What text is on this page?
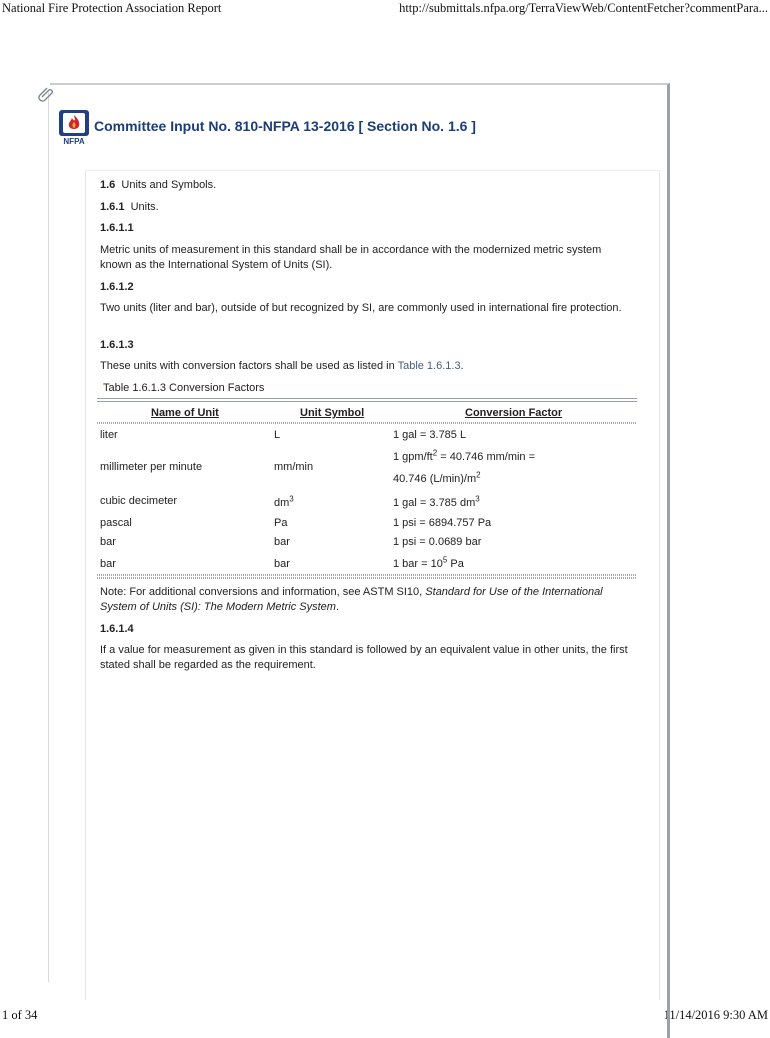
National Fire Protection Association Report	http://submittals.nfpa.org/TerraViewWeb/ContentFetcher?commentPara...
1 of 34	11/14/2016 9:30 AM
NFPA
Committee Input No. 810-NFPA 13-2016 [ Section No. 1.6 ]
1.6 Units and Symbols.
1.6.1 Units.
1.6.1.1
Metric units of measurement in this standard shall be in accordance with the modernized metric system known as the International System of Units (SI).
1.6.1.2
Two units (liter and bar), outside of but recognized by SI, are commonly used in international fire protection.
1.6.1.3
These units with conversion factors shall be used as listed in Table 1.6.1.3.
Table 1.6.1.3 Conversion Factors
Name of Unit	Unit Symbol	Conversion Factor
liter	L	1 gal = 3.785 L
millimeter per minute	mm/min
1 gpm/$ft^2 = 40.746$ mm/min =
40.746 $(L/\min)/m^2$
cubic decimeter	$dm^3$	1 gal = 3.785 $dm^3$
pascal	Pa	1 psi = 6894.757 Pa
bar	bar	1 psi = 0.0689 bar
bar	bar	1 bar = $10^5$ Pa
Note: For additional conversions and information, see ASTM SI10, Standard for Use of the International System of Units (SI): The Modern Metric System.
1.6.1.4
If a value for measurement as given in this standard is followed by an equivalent value in other units, the first stated shall be regarded as the requirement.
